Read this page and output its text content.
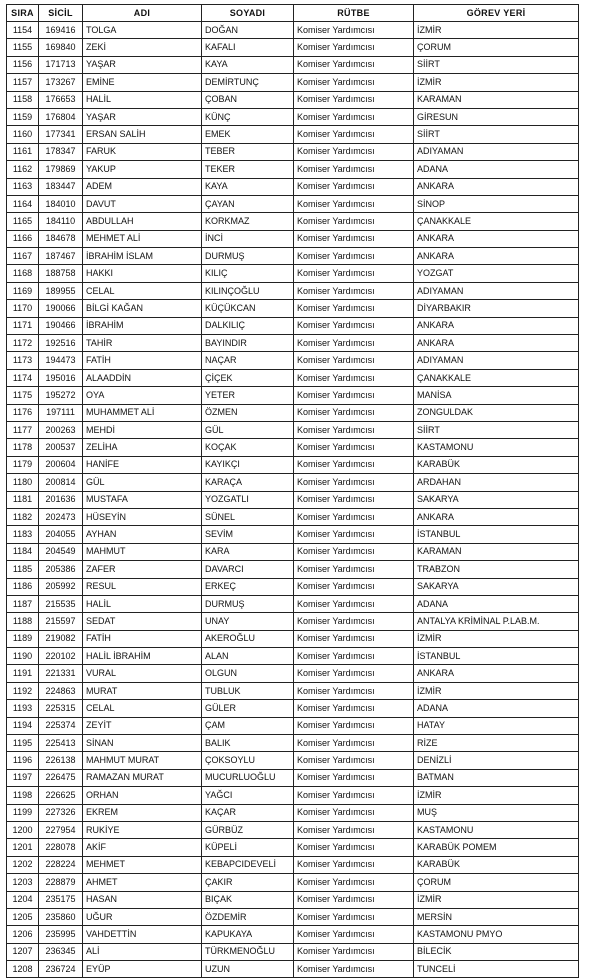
SIRA	SİCİL	ADI	SOYADI	RÜTBE	GÖREV YERİ
1154	169416	TOLGA	DOĞAN	Komiser Yardımcısı	İZMİR
1155	169840	ZEKİ	KAFALI	Komiser Yardımcısı	ÇORUM
1156	171713	YAŞAR	KAYA	Komiser Yardımcısı	SİİRT
1157	173267	EMİNE	DEMİRTUNÇ	Komiser Yardımcısı	İZMİR
1158	176653	HALİL	ÇOBAN	Komiser Yardımcısı	KARAMAN
1159	176804	YAŞAR	KÜNÇ	Komiser Yardımcısı	GİRESUN
1160	177341	ERSAN SALİH	EMEK	Komiser Yardımcısı	SİİRT
1161	178347	FARUK	TEBER	Komiser Yardımcısı	ADIYAMAN
1162	179869	YAKUP	TEKER	Komiser Yardımcısı	ADANA
1163	183447	ADEM	KAYA	Komiser Yardımcısı	ANKARA
1164	184010	DAVUT	ÇAYAN	Komiser Yardımcısı	SİNOP
1165	184110	ABDULLAH	KORKMAZ	Komiser Yardımcısı	ÇANAKKALE
1166	184678	MEHMET ALİ	İNCİ	Komiser Yardımcısı	ANKARA
1167	187467	İBRAHİM İSLAM	DURMUŞ	Komiser Yardımcısı	ANKARA
1168	188758	HAKKI	KILIÇ	Komiser Yardımcısı	YOZGAT
1169	189955	CELAL	KILINÇOĞLU	Komiser Yardımcısı	ADIYAMAN
1170	190066	BİLGİ KAĞAN	KÜÇÜKCAN	Komiser Yardımcısı	DİYARBAKIR
1171	190466	İBRAHİM	DALKILIÇ	Komiser Yardımcısı	ANKARA
1172	192516	TAHİR	BAYINDIR	Komiser Yardımcısı	ANKARA
1173	194473	FATİH	NAÇAR	Komiser Yardımcısı	ADIYAMAN
1174	195016	ALAADDİN	ÇİÇEK	Komiser Yardımcısı	ÇANAKKALE
1175	195272	OYA	YETER	Komiser Yardımcısı	MANİSA
1176	197111	MUHAMMET ALİ	ÖZMEN	Komiser Yardımcısı	ZONGULDAK
1177	200263	MEHDİ	GÜL	Komiser Yardımcısı	SİİRT
1178	200537	ZELİHA	KOÇAK	Komiser Yardımcısı	KASTAMONU
1179	200604	HANİFE	KAYIKÇI	Komiser Yardımcısı	KARABÜK
1180	200814	GÜL	KARAÇA	Komiser Yardımcısı	ARDAHAN
1181	201636	MUSTAFA	YOZGATLI	Komiser Yardımcısı	SAKARYA
1182	202473	HÜSEYİN	SÜNEL	Komiser Yardımcısı	ANKARA
1183	204055	AYHAN	SEVİM	Komiser Yardımcısı	İSTANBUL
1184	204549	MAHMUT	KARA	Komiser Yardımcısı	KARAMAN
1185	205386	ZAFER	DAVARCI	Komiser Yardımcısı	TRABZON
1186	205992	RESUL	ERKEÇ	Komiser Yardımcısı	SAKARYA
1187	215535	HALİL	DURMUŞ	Komiser Yardımcısı	ADANA
1188	215597	SEDAT	UNAY	Komiser Yardımcısı	ANTALYA KRİMİNAL P.LAB.M.
1189	219082	FATİH	AKEROĞLU	Komiser Yardımcısı	İZMİR
1190	220102	HALİL İBRAHİM	ALAN	Komiser Yardımcısı	İSTANBUL
1191	221331	VURAL	OLGUN	Komiser Yardımcısı	ANKARA
1192	224863	MURAT	TUBLUK	Komiser Yardımcısı	İZMİR
1193	225315	CELAL	GÜLER	Komiser Yardımcısı	ADANA
1194	225374	ZEYİT	ÇAM	Komiser Yardımcısı	HATAY
1195	225413	SİNAN	BALIK	Komiser Yardımcısı	RİZE
1196	226138	MAHMUT MURAT	ÇOKSOYLU	Komiser Yardımcısı	DENİZLİ
1197	226475	RAMAZAN MURAT	MUCURLUOĞLU	Komiser Yardımcısı	BATMAN
1198	226625	ORHAN	YAĞCI	Komiser Yardımcısı	İZMİR
1199	227326	EKREM	KAÇAR	Komiser Yardımcısı	MUŞ
1200	227954	RUKİYE	GÜRBÜZ	Komiser Yardımcısı	KASTAMONU
1201	228078	AKİF	KÜPELİ	Komiser Yardımcısı	KARABÜK POMEM
1202	228224	MEHMET	KEBAPCIDEVELİ	Komiser Yardımcısı	KARABÜK
1203	228879	AHMET	ÇAKIR	Komiser Yardımcısı	ÇORUM
1204	235175	HASAN	BIÇAK	Komiser Yardımcısı	İZMİR
1205	235860	UĞUR	ÖZDEMİR	Komiser Yardımcısı	MERSİN
1206	235995	VAHDETTİN	KAPUKAYA	Komiser Yardımcısı	KASTAMONU PMYO
1207	236345	ALİ	TÜRKMENOĞLU	Komiser Yardımcısı	BİLECİK
1208	236724	EYÜP	UZUN	Komiser Yardımcısı	TUNCELİ
